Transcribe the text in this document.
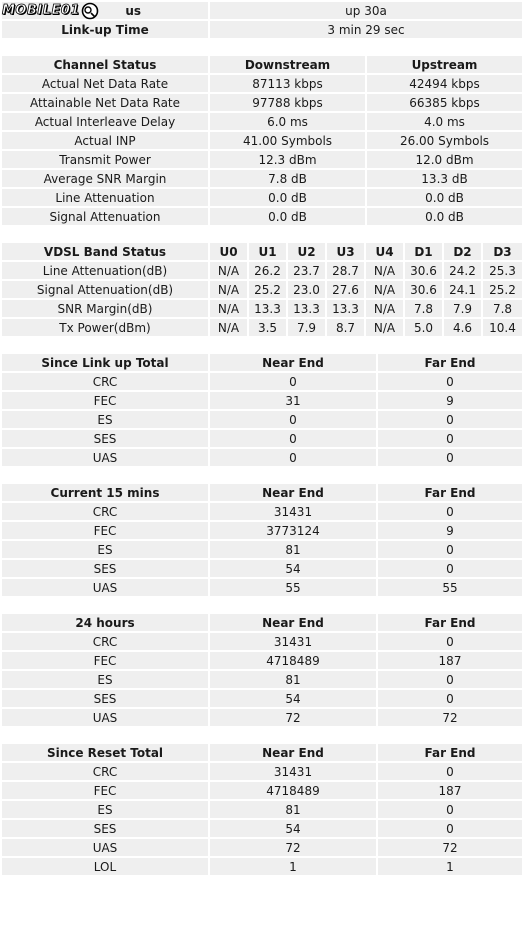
us	up 30a
Link-up Time	3 min 29 sec
MOBILE01
Channel Status	Downstream	Upstream
Actual Net Data Rate	87113 kbps	42494 kbps
Attainable Net Data Rate	97788 kbps	66385 kbps
Actual Interleave Delay	6.0 ms	4.0 ms
Actual INP	41.00 Symbols	26.00 Symbols
Transmit Power	12.3 dBm	12.0 dBm
Average SNR Margin	7.8 dB	13.3 dB
Line Attenuation	0.0 dB	0.0 dB
Signal Attenuation	0.0 dB	0.0 dB
VDSL Band Status	U0	U1	U2	U3	U4	D1	D2	D3
Line Attenuation(dB)	N/A	26.2	23.7	28.7	N/A	30.6	24.2	25.3
Signal Attenuation(dB)	N/A	25.2	23.0	27.6	N/A	30.6	24.1	25.2
SNR Margin(dB)	N/A	13.3	13.3	13.3	N/A	7.8	7.9	7.8
Tx Power(dBm)	N/A	3.5	7.9	8.7	N/A	5.0	4.6	10.4
Since Link up Total	Near End	Far End
CRC	0	0
FEC	31	9
ES	0	0
SES	0	0
UAS	0	0
Current 15 mins	Near End	Far End
CRC	31431	0
FEC	3773124	9
ES	81	0
SES	54	0
UAS	55	55
24 hours	Near End	Far End
CRC	31431	0
FEC	4718489	187
ES	81	0
SES	54	0
UAS	72	72
Since Reset Total	Near End	Far End
CRC	31431	0
FEC	4718489	187
ES	81	0
SES	54	0
UAS	72	72
LOL	1	1
